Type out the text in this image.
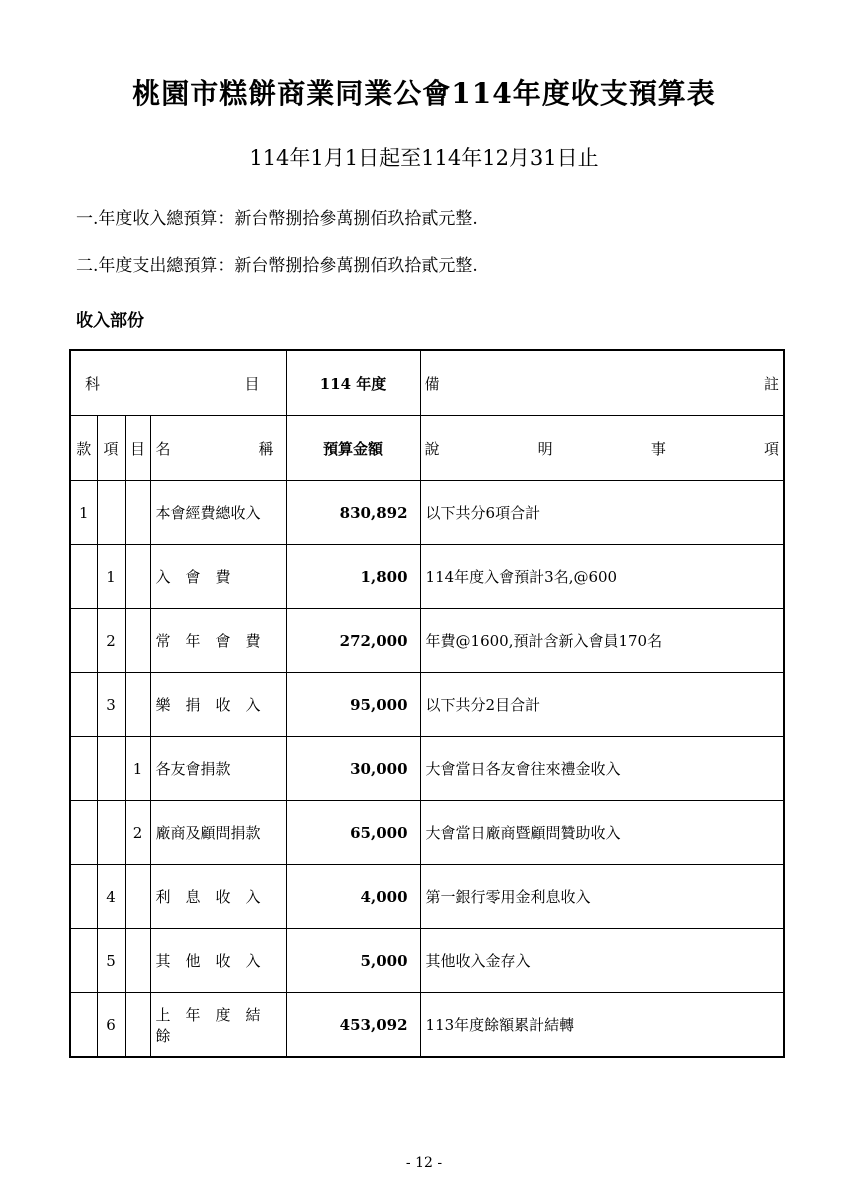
桃園市糕餅商業同業公會114年度收支預算表
114年1月1日起至114年12月31日止
一.年度收入總預算：新台幣捌拾參萬捌佰玖拾貳元整.
二.年度支出總預算：新台幣捌拾參萬捌佰玖拾貳元整.
收入部份
科 目				114 年度	備 註

款	項	目	名 稱	預算金額	說 明 事 項

1			本會經費總收入	830,892	以下共分6項合計
	1		入　會　費	1,800	114年度入會預計3名,@600
	2		常　年　會　費	272,000	年費@1600,預計含新入會員170名
	3		樂　捐　收　入	95,000	以下共分2目合計
		1	各友會捐款	30,000	大會當日各友會往來禮金收入
		2	廠商及顧問捐款	65,000	大會當日廠商暨顧問贊助收入
	4		利　息　收　入	4,000	第一銀行零用金利息收入
	5		其　他　收　入	5,000	其他收入金存入
	6		上　年　度　結　餘	453,092	113年度餘額累計結轉
- 12 -
